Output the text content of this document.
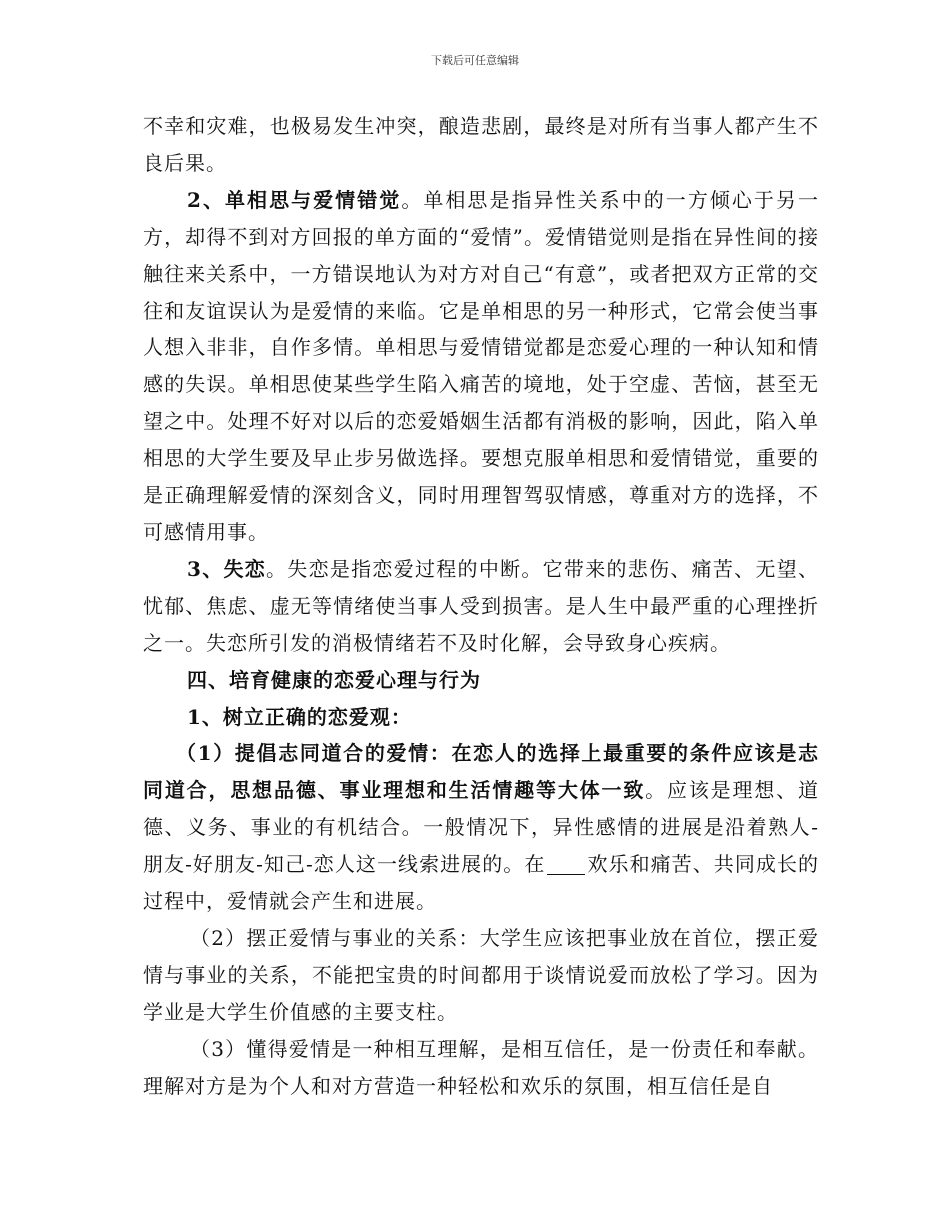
下载后可任意编辑

不幸和灾难，也极易发生冲突，酿造悲剧，最终是对所有当事人都产生不良后果。

2、单相思与爱情错觉。单相思是指异性关系中的一方倾心于另一方，却得不到对方回报的单方面的“爱情”。爱情错觉则是指在异性间的接触往来关系中，一方错误地认为对方对自己“有意”，或者把双方正常的交往和友谊误认为是爱情的来临。它是单相思的另一种形式，它常会使当事人想入非非，自作多情。单相思与爱情错觉都是恋爱心理的一种认知和情感的失误。单相思使某些学生陷入痛苦的境地，处于空虚、苦恼，甚至无望之中。处理不好对以后的恋爱婚姻生活都有消极的影响，因此，陷入单相思的大学生要及早止步另做选择。要想克服单相思和爱情错觉，重要的是正确理解爱情的深刻含义，同时用理智驾驭情感，尊重对方的选择，不可感情用事。

3、失恋。失恋是指恋爱过程的中断。它带来的悲伤、痛苦、无望、忧郁、焦虑、虚无等情绪使当事人受到损害。是人生中最严重的心理挫折之一。失恋所引发的消极情绪若不及时化解，会导致身心疾病。

四、培育健康的恋爱心理与行为

1、树立正确的恋爱观：

（1）提倡志同道合的爱情：在恋人的选择上最重要的条件应该是志同道合，思想品德、事业理想和生活情趣等大体一致。应该是理想、道德、义务、事业的有机结合。一般情况下，异性感情的进展是沿着熟人-朋友-好朋友-知己-恋人这一线索进展的。在 欢乐和痛苦、共同成长的过程中，爱情就会产生和进展。

（2）摆正爱情与事业的关系：大学生应该把事业放在首位，摆正爱情与事业的关系，不能把宝贵的时间都用于谈情说爱而放松了学习。因为学业是大学生价值感的主要支柱。

（3）懂得爱情是一种相互理解，是相互信任，是一份责任和奉献。理解对方是为个人和对方营造一种轻松和欢乐的氛围，相互信任是自
